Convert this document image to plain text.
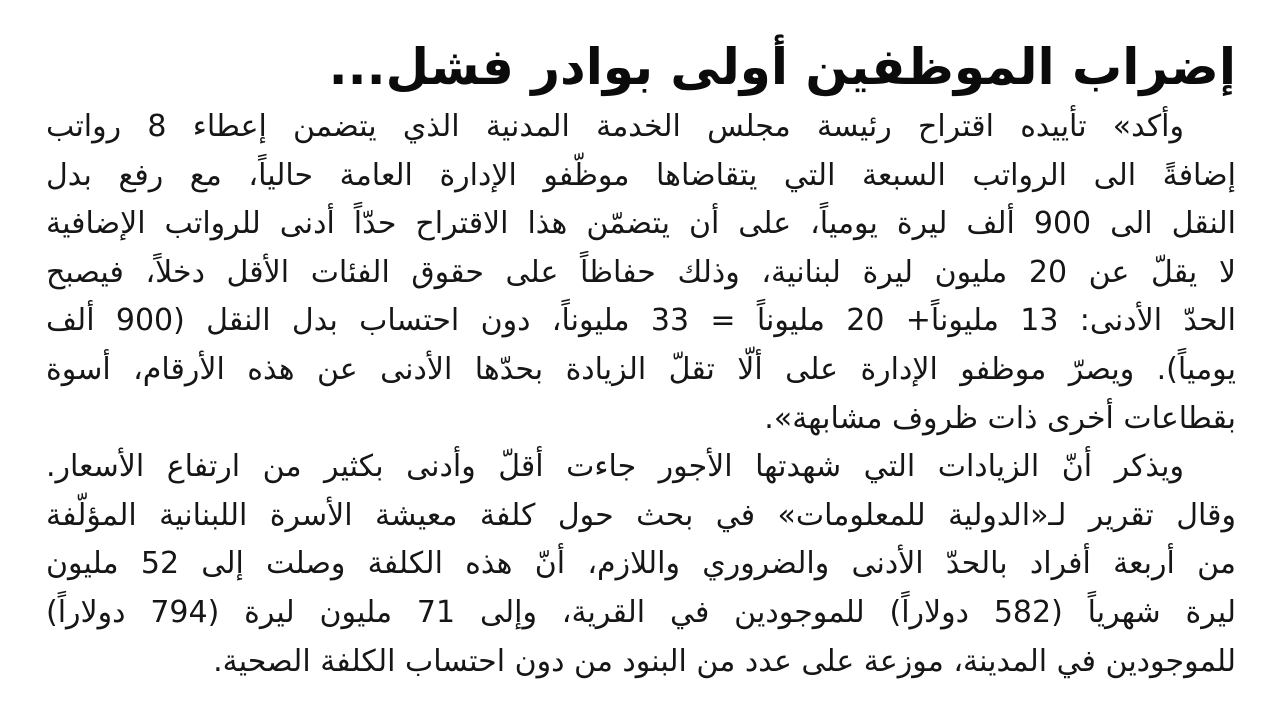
إضراب الموظفين أولى بوادر فشل...
وأكد» تأييده اقتراح رئيسة مجلس الخدمة المدنية الذي يتضمن إعطاء 8 رواتب
إضافةً الى الرواتب السبعة التي يتقاضاها موظّفو الإدارة العامة حالياً، مع رفع بدل
النقل الى 900 ألف ليرة يومياً، على أن يتضمّن هذا الاقتراح حدّاً أدنى للرواتب الإضافية
لا يقلّ عن 20 مليون ليرة لبنانية، وذلك حفاظاً على حقوق الفئات الأقل دخلاً، فيصبح
الحدّ الأدنى: 13 مليوناً+ 20 مليوناً = 33 مليوناً، دون احتساب بدل النقل (900 ألف
يومياً). ويصرّ موظفو الإدارة على ألّا تقلّ الزيادة بحدّها الأدنى عن هذه الأرقام، أسوة
بقطاعات أخرى ذات ظروف مشابهة».
ويذكر أنّ الزيادات التي شهدتها الأجور جاءت أقلّ وأدنى بكثير من ارتفاع الأسعار.
وقال تقرير لـ«الدولية للمعلومات» في بحث حول كلفة معيشة الأسرة اللبنانية المؤلّفة
من أربعة أفراد بالحدّ الأدنى والضروري واللازم، أنّ هذه الكلفة وصلت إلى 52 مليون
ليرة شهرياً (582 دولاراً) للموجودين في القرية، وإلى 71 مليون ليرة (794 دولاراً)
للموجودين في المدينة، موزعة على عدد من البنود من دون احتساب الكلفة الصحية.
